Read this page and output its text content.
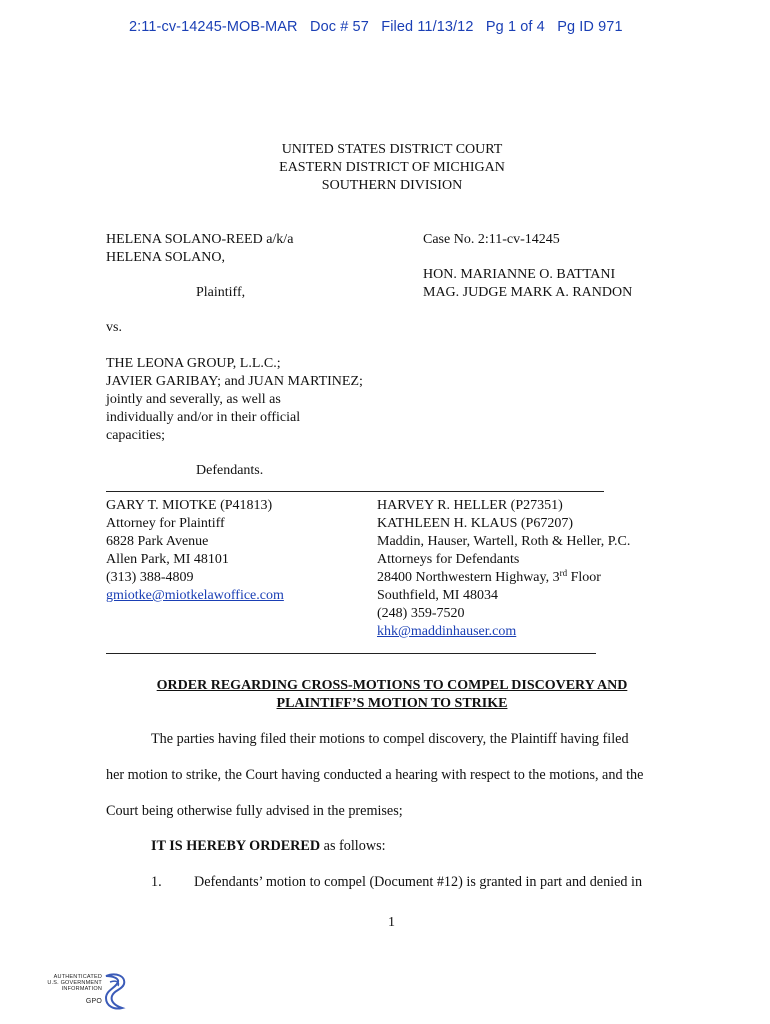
2:11-cv-14245-MOB-MAR Doc # 57 Filed 11/13/12 Pg 1 of 4 Pg ID 971
UNITED STATES DISTRICT COURT
EASTERN DISTRICT OF MICHIGAN
SOUTHERN DIVISION
HELENA SOLANO-REED a/k/a
HELENA SOLANO,
Plaintiff,
vs.
THE LEONA GROUP, L.L.C.;
JAVIER GARIBAY; and JUAN MARTINEZ;
jointly and severally, as well as
individually and/or in their official
capacities;
Defendants.
Case No. 2:11-cv-14245
HON. MARIANNE O. BATTANI
MAG. JUDGE MARK A. RANDON
GARY T. MIOTKE (P41813)
Attorney for Plaintiff
6828 Park Avenue
Allen Park, MI 48101
(313) 388-4809
gmiotke@miotkelawoffice.com
HARVEY R. HELLER (P27351)
KATHLEEN H. KLAUS (P67207)
Maddin, Hauser, Wartell, Roth & Heller, P.C.
Attorneys for Defendants
28400 Northwestern Highway, 3rd Floor
Southfield, MI 48034
(248) 359-7520
khk@maddinhauser.com
ORDER REGARDING CROSS-MOTIONS TO COMPEL DISCOVERY AND
PLAINTIFF’S MOTION TO STRIKE
The parties having filed their motions to compel discovery, the Plaintiff having filed
her motion to strike, the Court having conducted a hearing with respect to the motions, and the
Court being otherwise fully advised in the premises;
IT IS HEREBY ORDERED as follows:
1. Defendants’ motion to compel (Document #12) is granted in part and denied in
1
AUTHENTICATED
U.S. GOVERNMENT
INFORMATION
GPO
